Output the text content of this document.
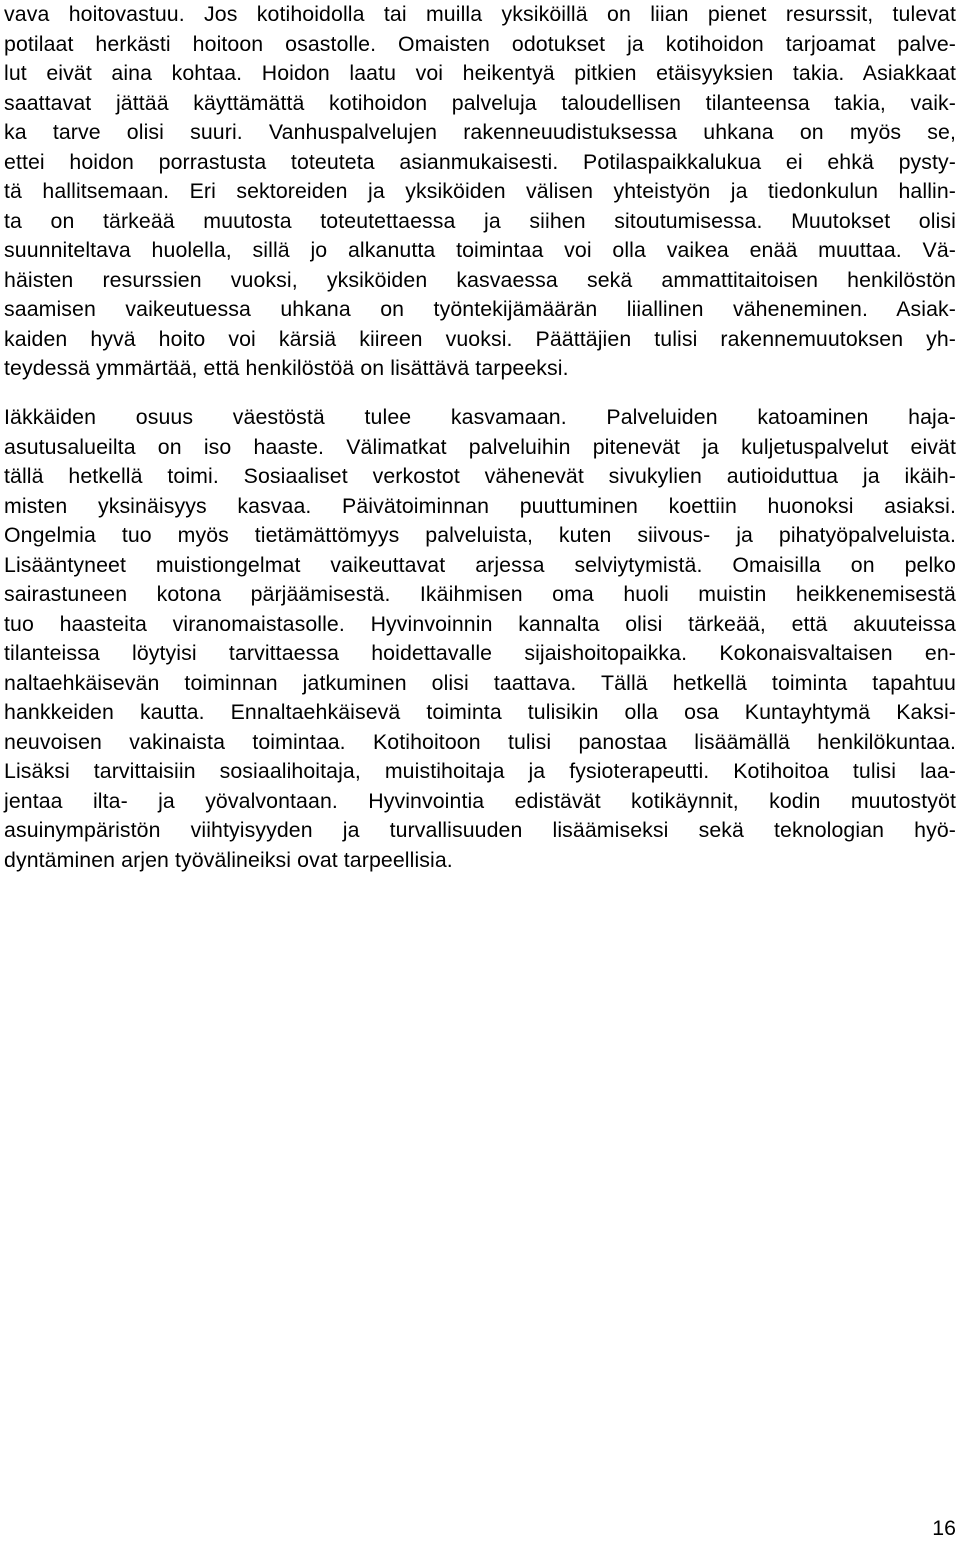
vava hoitovastuu. Jos kotihoidolla tai muilla yksiköillä on liian pienet resurssit, tulevat
potilaat herkästi hoitoon osastolle. Omaisten odotukset ja kotihoidon tarjoamat palve-
lut eivät aina kohtaa. Hoidon laatu voi heikentyä pitkien etäisyyksien takia. Asiakkaat
saattavat jättää käyttämättä kotihoidon palveluja taloudellisen tilanteensa takia, vaik-
ka tarve olisi suuri. Vanhuspalvelujen rakenneuudistuksessa uhkana on myös se,
ettei hoidon porrastusta toteuteta asianmukaisesti. Potilaspaikkalukua ei ehkä pysty-
tä hallitsemaan. Eri sektoreiden ja yksiköiden välisen yhteistyön ja tiedonkulun hallin-
ta on tärkeää muutosta toteutettaessa ja siihen sitoutumisessa. Muutokset olisi
suunniteltava huolella, sillä jo alkanutta toimintaa voi olla vaikea enää muuttaa. Vä-
häisten resurssien vuoksi, yksiköiden kasvaessa sekä ammattitaitoisen henkilöstön
saamisen vaikeutuessa uhkana on työntekijämäärän liiallinen väheneminen. Asiak-
kaiden hyvä hoito voi kärsiä kiireen vuoksi. Päättäjien tulisi rakennemuutoksen yh-
teydessä ymmärtää, että henkilöstöä on lisättävä tarpeeksi.
Iäkkäiden osuus väestöstä tulee kasvamaan. Palveluiden katoaminen haja-
asutusalueilta on iso haaste. Välimatkat palveluihin pitenevät ja kuljetuspalvelut eivät
tällä hetkellä toimi. Sosiaaliset verkostot vähenevät sivukylien autioiduttua ja ikäih-
misten yksinäisyys kasvaa. Päivätoiminnan puuttuminen koettiin huonoksi asiaksi.
Ongelmia tuo myös tietämättömyys palveluista, kuten siivous- ja pihatyöpalveluista.
Lisääntyneet muistiongelmat vaikeuttavat arjessa selviytymistä. Omaisilla on pelko
sairastuneen kotona pärjäämisestä. Ikäihmisen oma huoli muistin heikkenemisestä
tuo haasteita viranomaistasolle. Hyvinvoinnin kannalta olisi tärkeää, että akuuteissa
tilanteissa löytyisi tarvittaessa hoidettavalle sijaishoitopaikka. Kokonaisvaltaisen en-
naltaehkäisevän toiminnan jatkuminen olisi taattava. Tällä hetkellä toiminta tapahtuu
hankkeiden kautta. Ennaltaehkäisevä toiminta tulisikin olla osa Kuntayhtymä Kaksi-
neuvoisen vakinaista toimintaa. Kotihoitoon tulisi panostaa lisäämällä henkilökuntaa.
Lisäksi tarvittaisiin sosiaalihoitaja, muistihoitaja ja fysioterapeutti. Kotihoitoa tulisi laa-
jentaa ilta- ja yövalvontaan. Hyvinvointia edistävät kotikäynnit, kodin muutostyöt
asuinympäristön viihtyisyyden ja turvallisuuden lisäämiseksi sekä teknologian hyö-
dyntäminen arjen työvälineiksi ovat tarpeellisia.
16
